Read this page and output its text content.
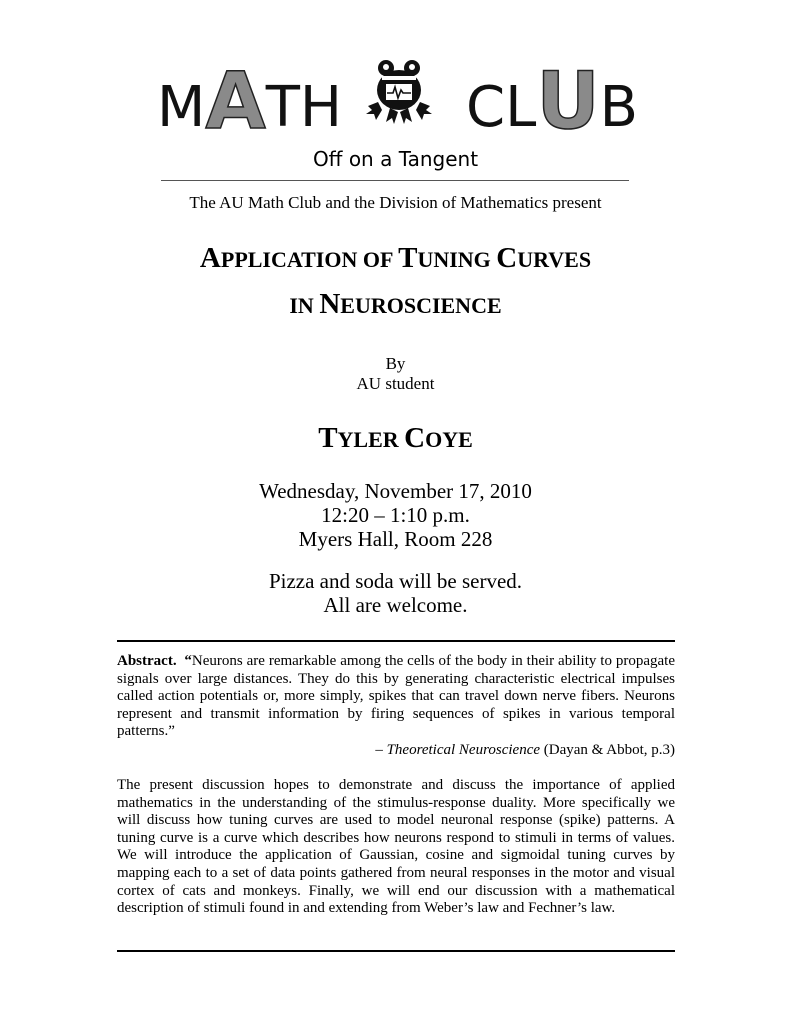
MATH CLUB
Off on a Tangent
The AU Math Club and the Division of Mathematics present
APPLICATION OF TUNING CURVES
IN NEUROSCIENCE
By
AU student
TYLER COYE
Wednesday, November 17, 2010
12:20 – 1:10 p.m.
Myers Hall, Room 228
Pizza and soda will be served.
All are welcome.
Abstract. “Neurons are remarkable among the cells of the body in their ability to propagate signals over large distances. They do this by generating characteristic electrical impulses called action potentials or, more simply, spikes that can travel down nerve fibers. Neurons represent and transmit information by firing sequences of spikes in various temporal patterns.”
– Theoretical Neuroscience (Dayan & Abbot, p.3)
The present discussion hopes to demonstrate and discuss the importance of applied mathematics in the understanding of the stimulus-response duality. More specifically we will discuss how tuning curves are used to model neuronal response (spike) patterns. A tuning curve is a curve which describes how neurons respond to stimuli in terms of values. We will introduce the application of Gaussian, cosine and sigmoidal tuning curves by mapping each to a set of data points gathered from neural responses in the motor and visual cortex of cats and monkeys. Finally, we will end our discussion with a mathematical description of stimuli found in and extending from Weber’s law and Fechner’s law.
